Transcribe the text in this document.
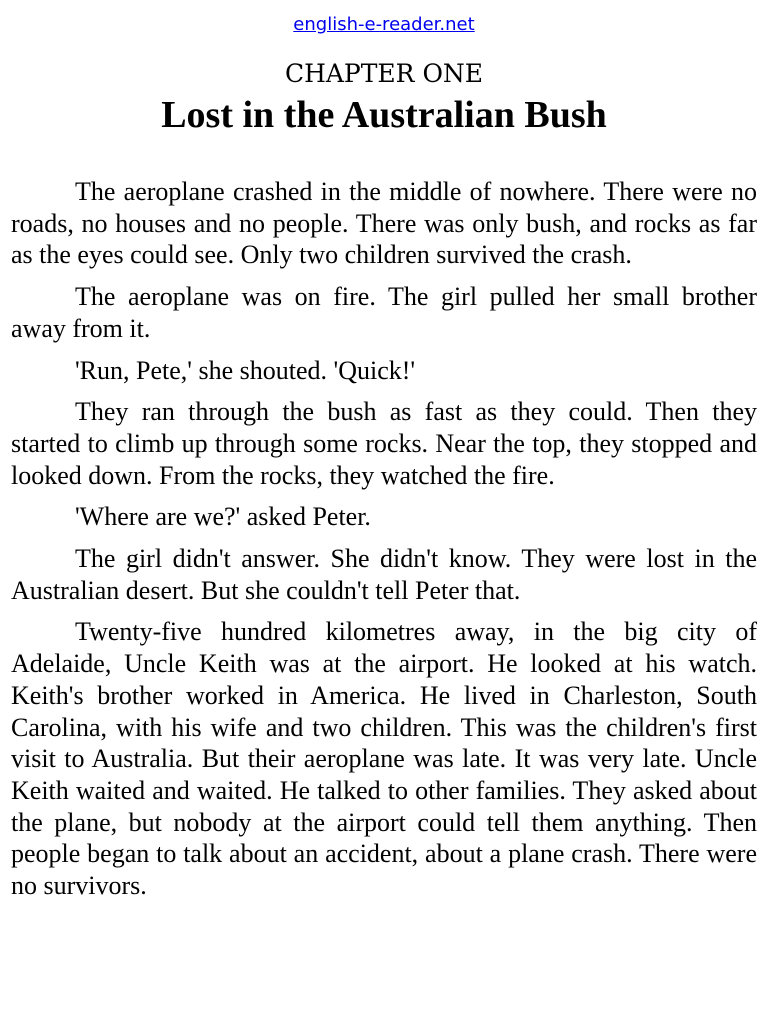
english-e-reader.net
CHAPTER ONE
Lost in the Australian Bush

The aeroplane crashed in the middle of nowhere. There were no roads, no houses and no people. There was only bush, and rocks as far as the eyes could see. Only two children survived the crash.

The aeroplane was on fire. The girl pulled her small brother away from it.

'Run, Pete,' she shouted. 'Quick!'

They ran through the bush as fast as they could. Then they started to climb up through some rocks. Near the top, they stopped and looked down. From the rocks, they watched the fire.

'Where are we?' asked Peter.

The girl didn't answer. She didn't know. They were lost in the Australian desert. But she couldn't tell Peter that.

Twenty-five hundred kilometres away, in the big city of Adelaide, Uncle Keith was at the airport. He looked at his watch. Keith's brother worked in America. He lived in Charleston, South Carolina, with his wife and two children. This was the children's first visit to Australia. But their aeroplane was late. It was very late. Uncle Keith waited and waited. He talked to other families. They asked about the plane, but nobody at the airport could tell them anything. Then people began to talk about an accident, about a plane crash. There were no survivors.
